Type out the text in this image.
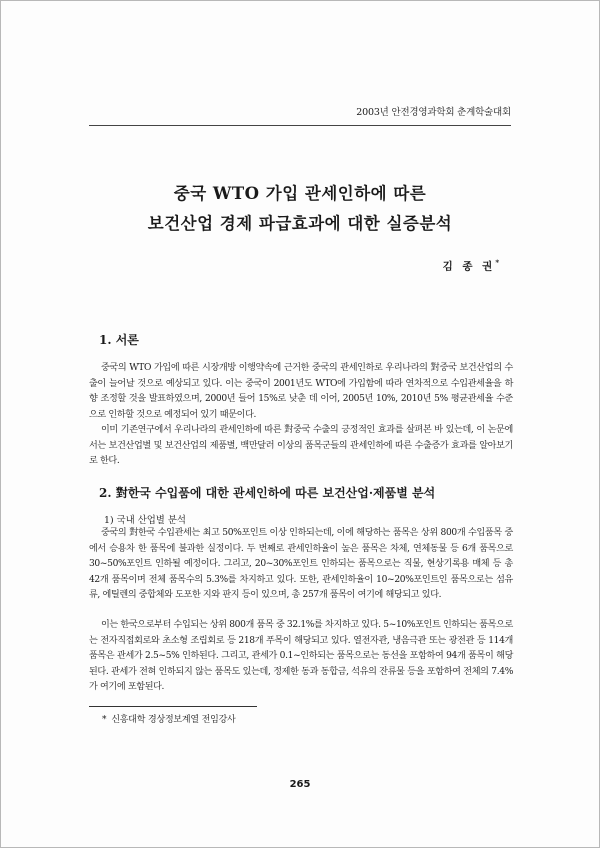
2003년 안전경영과학회 춘계학술대회
중국 WTO 가입 관세인하에 따른
보건산업 경제 파급효과에 대한 실증분석
김 종 권*
1. 서론

중국의 WTO 가입에 따른 시장개방 이행약속에 근거한 중국의 관세인하로 우리나라의 對중국 보건산업의 수출이 늘어날 것으로 예상되고 있다. 이는 중국이 2001년도 WTO에 가입함에 따라 연차적으로 수입관세율을 하향 조정할 것을 발표하였으며, 2000년 들어 15%로 낮춘 데 이어, 2005년 10%, 2010년 5% 평균관세율 수준으로 인하할 것으로 예정되어 있기 때문이다.

이미 기존연구에서 우리나라의 관세인하에 따른 對중국 수출의 긍정적인 효과를 살펴본 바 있는데, 이 논문에서는 보건산업별 및 보건산업의 제품별, 백만달러 이상의 품목군들의 관세인하에 따른 수출증가 효과를 알아보기로 한다.

2. 對한국 수입품에 대한 관세인하에 따른 보건산업·제품별 분석
1) 국내 산업별 분석

중국의 對한국 수입관세는 최고 50%포인트 이상 인하되는데, 이에 해당하는 품목은 상위 800개 수입품목 중에서 승용차 한 품목에 불과한 실정이다. 두 번째로 관세인하율이 높은 품목은 차체, 연체동물 등 6개 품목으로 30~50%포인트 인하될 예정이다. 그리고, 20~30%포인트 인하되는 품목으로는 직물, 현상기록용 매체 등 총 42개 품목이며 전체 품목수의 5.3%를 차지하고 있다. 또한, 관세인하율이 10~20%포인트인 품목으로는 섬유류, 에틸렌의 중합체와 도포한 지와 판지 등이 있으며, 총 257개 품목이 여기에 해당되고 있다.

이는 한국으로부터 수입되는 상위 800개 품목 중 32.1%를 차지하고 있다. 5~10%포인트 인하되는 품목으로는 전자직접회로와 초소형 조립회로 등 218개 푸목이 해당되고 있다. 열전자관, 냉음극관 또는 광전관 등 114개 품목은 관세가 2.5~5% 인하된다. 그리고, 관세가 0.1~인하되는 품목으로는 동선을 포함하여 94개 품목이 해당된다. 관세가 전혀 인하되지 않는 품목도 있는데, 정제한 동과 동합금, 석유의 잔류물 등을 포함하여 전체의 7.4%가 여기에 포함된다.

* 신흥대학 경상정보계열 전임강사
265
